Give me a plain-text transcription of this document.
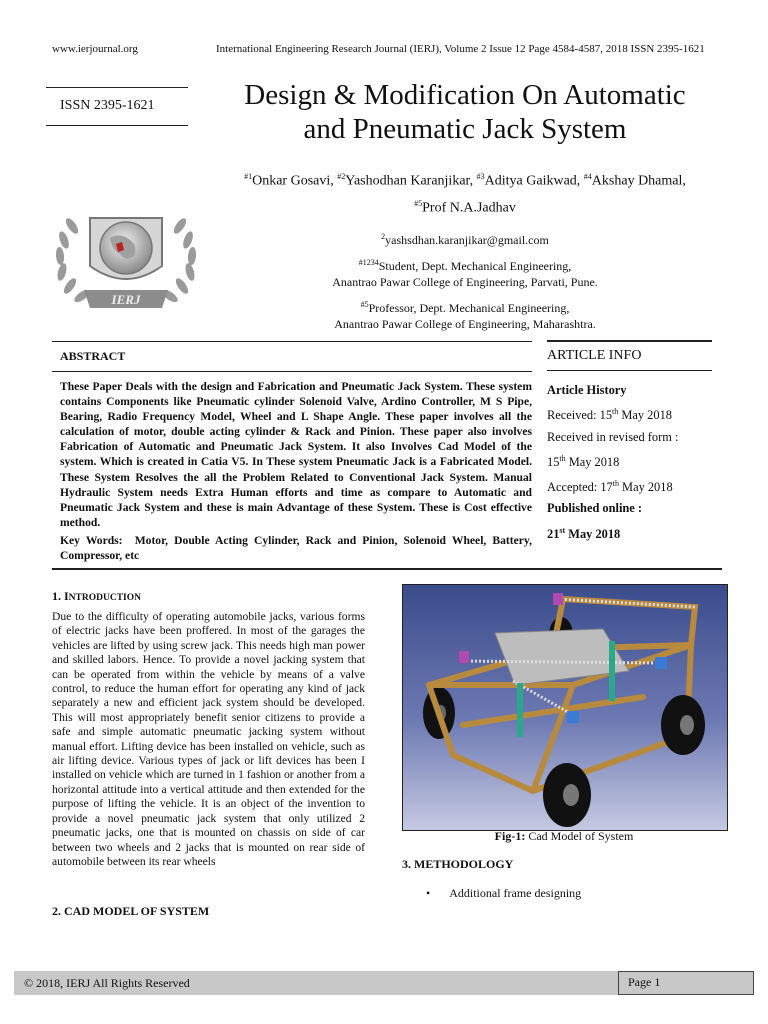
www.ierjournal.org	International Engineering Research Journal (IERJ), Volume 2 Issue 12 Page 4584-4587, 2018 ISSN 2395-1621
ISSN 2395-1621	Design & Modification On Automatic
and Pneumatic Jack System
$^{\#1}$Onkar Gosavi, $^{\#2}$Yashodhan Karanjikar, $^{\#3}$Aditya Gaikwad, $^{\#4}$Akshay Dhamal,
$^{\#5}$Prof N.A.Jadhav
$^2$yashsdhan.karanjikar@gmail.com
$^{\#1234}$Student, Dept. Mechanical Engineering,
Anantrao Pawar College of Engineering, Parvati, Pune.
$^{\#5}$Professor, Dept. Mechanical Engineering,
Anantrao Pawar College of Engineering, Maharashtra.
IERJ
ABSTRACT	ARTICLE INFO
These Paper Deals with the design and Fabrication and Pneumatic Jack System. These system contains Components like Pneumatic cylinder Solenoid Valve, Ardino Controller, M S Pipe, Bearing, Radio Frequency Model, Wheel and L Shape Angle. These paper involves all the calculation of motor, double acting cylinder & Rack and Pinion. These paper also involves Fabrication of Automatic and Pneumatic Jack System. It also Involves Cad Model of the system. Which is created in Catia V5. In These system Pneumatic Jack is a Fabricated Model. These System Resolves the all the Problem Related to Conventional Jack System. Manual Hydraulic System needs Extra Human efforts and time as compare to Automatic and Pneumatic Jack System and these is main Advantage of these System. These is Cost effective method.
Key Words: Motor, Double Acting Cylinder, Rack and Pinion, Solenoid Wheel, Battery, Compressor, etc
Article History
Received: 15th May 2018
Received in revised form :
15th May 2018
Accepted: 17th May 2018
Published online :
21st May 2018
1. INTRODUCTION
Due to the difficulty of operating automobile jacks, various forms of electric jacks have been proffered. In most of the garages the vehicles are lifted by using screw jack. This needs high man power and skilled labors. Hence. To provide a novel jacking system that can be operated from within the vehicle by means of a valve control, to reduce the human effort for operating any kind of jack separately a new and efficient jack system should be developed. This will most appropriately benefit senior citizens to provide a safe and simple automatic pneumatic jacking system without manual effort. Lifting device has been installed on vehicle, such as air lifting device. Various types of jack or lift devices has been I installed on vehicle which are turned in 1 fashion or another from a horizontal attitude into a vertical attitude and then extended for the purpose of lifting the vehicle. It is an object of the invention to provide a novel pneumatic jack system that only utilized 2 pneumatic jacks, one that is mounted on chassis on side of car between two wheels and 2 jacks that is mounted on rear side of automobile between its rear wheels
2. CAD MODEL OF SYSTEM
Fig-1: Cad Model of System
3. METHODOLOGY
• Additional frame designing
© 2018, IERJ All Rights Reserved	Page 1
